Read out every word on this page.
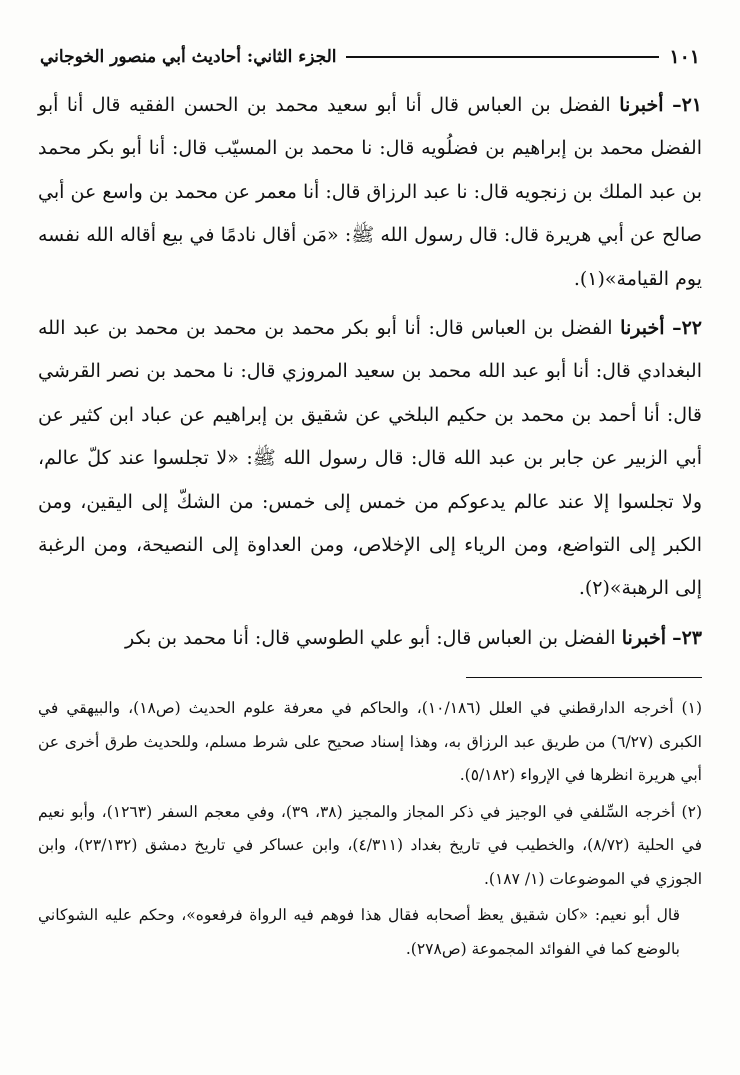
الجزء الثاني: أحاديث أبي منصور الخوجاني	١٠١

٢١– أخبرنا الفضل بن العباس قال أنا أبو سعيد محمد بن الحسن الفقيه قال أنا أبو الفضل محمد بن إبراهيم بن فضلُويه قال: نا محمد بن المسيّب قال: أنا أبو بكر محمد بن عبد الملك بن زنجويه قال: نا عبد الرزاق قال: أنا معمر عن محمد بن واسع عن أبي صالح عن أبي هريرة قال: قال رسول الله ﷺ: «مَن أقال نادمًا في بيع أقاله الله نفسه يوم القيامة»(١).

٢٢– أخبرنا الفضل بن العباس قال: أنا أبو بكر محمد بن محمد بن محمد بن عبد الله البغدادي قال: أنا أبو عبد الله محمد بن سعيد المروزي قال: نا محمد بن نصر القرشي قال: أنا أحمد بن محمد بن حكيم البلخي عن شقيق بن إبراهيم عن عباد ابن كثير عن أبي الزبير عن جابر بن عبد الله قال: قال رسول الله ﷺ: «لا تجلسوا عند كلّ عالم، ولا تجلسوا إلا عند عالم يدعوكم من خمس إلى خمس: من الشكّ إلى اليقين، ومن الكبر إلى التواضع، ومن الرياء إلى الإخلاص، ومن العداوة إلى النصيحة، ومن الرغبة إلى الرهبة»(٢).

٢٣– أخبرنا الفضل بن العباس قال: أبو علي الطوسي قال: أنا محمد بن بكر

(١) أخرجه الدارقطني في العلل (١٠/١٨٦)، والحاكم في معرفة علوم الحديث (ص١٨)، والبيهقي في الكبرى (٦/٢٧) من طريق عبد الرزاق به، وهذا إسناد صحيح على شرط مسلم، وللحديث طرق أخرى عن أبي هريرة انظرها في الإرواء (٥/١٨٢).

(٢) أخرجه السِّلفي في الوجيز في ذكر المجاز والمجيز (٣٨، ٣٩)، وفي معجم السفر (١٢٦٣)، وأبو نعيم في الحلية (٨/٧٢)، والخطيب في تاريخ بغداد (٤/٣١١)، وابن عساكر في تاريخ دمشق (٢٣/١٣٢)، وابن الجوزي في الموضوعات (١/ ١٨٧).

قال أبو نعيم: «كان شقيق يعظ أصحابه فقال هذا فوهم فيه الرواة فرفعوه»، وحكم عليه الشوكاني بالوضع كما في الفوائد المجموعة (ص٢٧٨).
